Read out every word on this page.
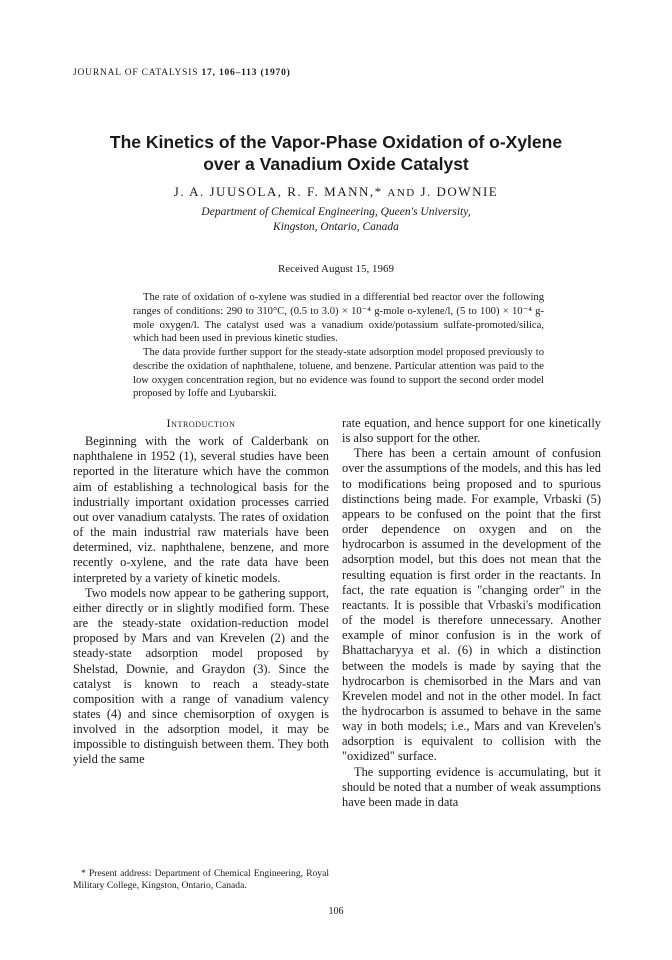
JOURNAL OF CATALYSIS 17, 106–113 (1970)
The Kinetics of the Vapor-Phase Oxidation of o-Xylene
over a Vanadium Oxide Catalyst
J. A. JUUSOLA, R. F. MANN,* AND J. DOWNIE
Department of Chemical Engineering, Queen's University,
Kingston, Ontario, Canada
Received August 15, 1969

The rate of oxidation of o-xylene was studied in a differential bed reactor over the following ranges of conditions: 290 to 310°C, (0.5 to 3.0) × 10⁻⁴ g-mole o-xylene/l, (5 to 100) × 10⁻⁴ g-mole oxygen/l. The catalyst used was a vanadium oxide/potassium sulfate-promoted/silica, which had been used in previous kinetic studies.

The data provide further support for the steady-state adsorption model proposed previously to describe the oxidation of naphthalene, toluene, and benzene. Particular attention was paid to the low oxygen concentration region, but no evidence was found to support the second order model proposed by Ioffe and Lyubarskii.

Introduction

Beginning with the work of Calderbank on naphthalene in 1952 (1), several studies have been reported in the literature which have the common aim of establishing a technological basis for the industrially important oxidation processes carried out over vanadium catalysts. The rates of oxidation of the main industrial raw materials have been determined, viz. naphthalene, benzene, and more recently o-xylene, and the rate data have been interpreted by a variety of kinetic models.

Two models now appear to be gathering support, either directly or in slightly modified form. These are the steady-state oxidation-reduction model proposed by Mars and van Krevelen (2) and the steady-state adsorption model proposed by Shelstad, Downie, and Graydon (3). Since the catalyst is known to reach a steady-state composition with a range of vanadium valency states (4) and since chemisorption of oxygen is involved in the adsorption model, it may be impossible to distinguish between them. They both yield the same

rate equation, and hence support for one kinetically is also support for the other.

There has been a certain amount of confusion over the assumptions of the models, and this has led to modifications being proposed and to spurious distinctions being made. For example, Vrbaski (5) appears to be confused on the point that the first order dependence on oxygen and on the hydrocarbon is assumed in the development of the adsorption model, but this does not mean that the resulting equation is first order in the reactants. In fact, the rate equation is "changing order" in the reactants. It is possible that Vrbaski's modification of the model is therefore unnecessary. Another example of minor confusion is in the work of Bhattacharyya et al. (6) in which a distinction between the models is made by saying that the hydrocarbon is chemisorbed in the Mars and van Krevelen model and not in the other model. In fact the hydrocarbon is assumed to behave in the same way in both models; i.e., Mars and van Krevelen's adsorption is equivalent to collision with the "oxidized" surface.

The supporting evidence is accumulating, but it should be noted that a number of weak assumptions have been made in data

* Present address: Department of Chemical Engineering, Royal Military College, Kingston, Ontario, Canada.

106
